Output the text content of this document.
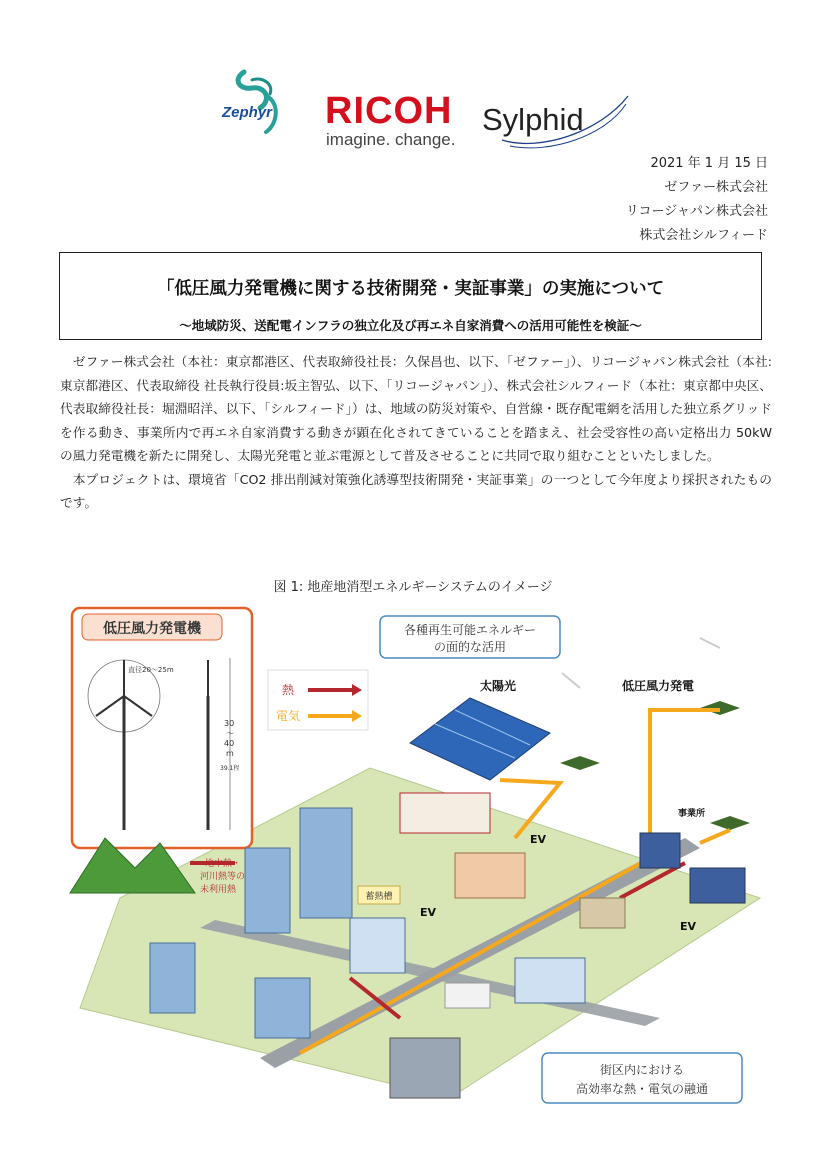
Zephyr RICOH
imagine. change.
Sylphid
2021 年 1 月 15 日
ゼファー株式会社
リコージャパン株式会社
株式会社シルフィード
「低圧風力発電機に関する技術開発・実証事業」の実施について
～地域防災、送配電インフラの独立化及び再エネ自家消費への活用可能性を検証～

ゼファー株式会社（本社：東京都港区、代表取締役社長：久保昌也、以下、「ゼファー」）、リコージャパン株式会社（本社:東京都港区、代表取締役 社長執行役員:坂主智弘、以下、「リコージャパン」）、株式会社シルフィード（本社：東京都中央区、代表取締役社長：堀淵昭洋、以下、「シルフィード」）は、地域の防災対策や、自営線・既存配電網を活用した独立系グリッドを作る動き、事業所内で再エネ自家消費する動きが顕在化されてきていることを踏まえ、社会受容性の高い定格出力 50kW の風力発電機を新たに開発し、太陽光発電と並ぶ電源として普及させることに共同で取り組むことといたしました。

本プロジェクトは、環境省「CO2 排出削減対策強化誘導型技術開発・実証事業」の一つとして今年度より採択されたものです。

図 1: 地産地消型エネルギーシステムのイメージ
低圧風力発電機
直径20～25m
30
～
40
m
39.1程
熱
電気
各種再生可能エネルギー
の面的な活用
太陽光	低圧風力発電
EV
EV
EV
事業所
蓄熱槽
地中熱・
河川熱等の
未利用熱
街区内における
高効率な熱・電気の融通
